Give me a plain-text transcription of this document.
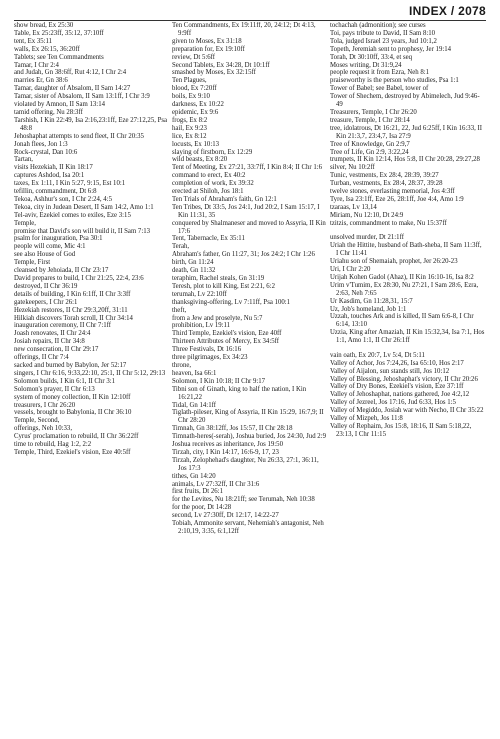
INDEX / 2078

show bread, Ex 25:30

Table, Ex 25:23ff, 35:12, 37:10ff

tent, Ex 35:11

walls, Ex 26:15, 36:20ff

Tablets; see Ten Commandments

Tamar, I Chr 2:4

and Judah, Gn 38:6ff, Rut 4:12, I Chr 2:4

marries Er, Gn 38:6

Tamar, daughter of Absalom, II Sam 14:27

Tamar, sister of Absalom, II Sam 13:1ff, I Chr 3:9

violated by Amnon, II Sam 13:14

tamid offering, Nu 28:3ff

Tarshish, I Kin 22:49, Isa 2:16,23:1ff, Eze 27:12,25, Psa 48:8

Jehoshaphat attempts to send fleet, II Chr 20:35

Jonah flees, Jon 1:3

Rock-crystal, Dan 10:6

Tartan,

visits Hezekiah, II Kin 18:17

captures Ashdod, Isa 20:1

taxes, Ex 1:11, I Kin 5:27, 9:15, Est 10:1

tefillin, commandment, Dt 6:8

Tekoa, Ashhur's son, I Chr 2:24, 4:5

Tekoa, city in Judean Desert, II Sam 14:2, Amo 1:1

Tel-aviv, Ezekiel comes to exiles, Eze 3:15

Temple,

promise that David's son will build it, II Sam 7:13

psalm for inauguration, Psa 30:1

people will come, Mic 4:1

see also House of God

Temple, First

cleansed by Jehoiada, II Chr 23:17

David prepares to build, I Chr 21:25, 22:4, 23:6

destroyed, II Chr 36:19

details of building, I Kin 6:1ff, II Chr 3:3ff

gatekeepers, I Chr 26:1

Hezekiah restores, II Chr 29:3,20ff, 31:11

Hilkiah discovers Torah scroll, II Chr 34:14

inauguration ceremony, II Chr 7:1ff

Joash renovates, II Chr 24:4

Josiah repairs, II Chr 34:8

new consecration, II Chr 29:17

offerings, II Chr 7:4

sacked and burned by Babylon, Jer 52:17

singers, I Chr 6:16, 9:33,22:10, 25:1, II Chr 5:12, 29:13

Solomon builds, I Kin 6:1, II Chr 3:1

Solomon's prayer, II Chr 6:13

system of money collection, II Kin 12:10ff

treasurers, I Chr 26:20

vessels, brought to Babylonia, II Chr 36:10

Temple, Second,

offerings, Neh 10:33,

Cyrus' proclamation to rebuild, II Chr 36:22ff

time to rebuild, Hag 1:2, 2:2

Temple, Third, Ezekiel's vision, Eze 40:5ff

Ten Commandments, Ex 19:11ff, 20, 24:12; Dt 4:13, 9:9ff

given to Moses, Ex 31:18

preparation for, Ex 19:10ff

review, Dt 5:6ff

Second Tablets, Ex 34:28, Dt 10:1ff

smashed by Moses, Ex 32:15ff

Ten Plagues,

blood, Ex 7:20ff

boils, Ex 9:10

darkness, Ex 10:22

epidemic, Ex 9:6

frogs, Ex 8:2

hail, Ex 9:23

lice, Ex 8:12

locusts, Ex 10:13

slaying of firstborn, Ex 12:29

wild beasts, Ex 8:20

Tent of Meeting, Ex 27:21, 33:7ff, I Kin 8:4; II Chr 1:6

command to erect, Ex 40:2

completion of work, Ex 39:32

erected at Shiloh, Jos 18:1

Ten Trials of Abraham's faith, Gn 12:1

Ten Tribes, Dt 33:5, Jos 24:1, Jud 20:2, I Sam 15:17, I Kin 11:31, 35

conquered by Shalmaneser and moved to Assyria, II Kin 17:6

Tent, Tabernacle, Ex 35:11

Terah,

Abraham's father, Gn 11:27, 31; Jos 24:2; I Chr 1:26

birth, Gn 11:24

death, Gn 11:32

teraphim, Rachel steals, Gn 31:19

Teresh, plot to kill King, Est 2:21, 6:2

terumah, Lv 22:10ff

thanksgiving-offering, Lv 7:11ff, Psa 100:1

theft,

from a Jew and proselyte, Nu 5:7

prohibition, Lv 19:11

Third Temple, Ezekiel's vision, Eze 40ff

Thirteen Attributes of Mercy, Ex 34:5ff

Three Festivals, Dt 16:16

three pilgrimages, Ex 34:23

throne,

heaven, Isa 66:1

Solomon, I Kin 10:18; II Chr 9:17

Tibni son of Ginath, king to half the nation, I Kin 16:21,22

Tidal, Gn 14:1ff

Tiglath-pileser, King of Assyria, II Kin 15:29, 16:7,9; II Chr 28:20

Timnah, Gn 38:12ff, Jos 15:57, II Chr 28:18

Timnath-heres(-serah), Joshua buried, Jos 24:30, Jud 2:9

Joshua receives as inheritance, Jos 19:50

Tirzah, city, I Kin 14:17, 16:6-9, 17, 23

Tirzah, Zelophehad's daughter, Nu 26:33, 27:1, 36:11, Jos 17:3

tithes, Gn 14:20

animals, Lv 27:32ff, II Chr 31:6

first fruits, Dt 26:1

for the Levites, Nu 18:21ff; see Terumah, Neh 10:38

for the poor, Dt 14:28

second, Lv 27:30ff, Dt 12:17, 14:22-27

Tobiah, Ammonite servant, Nehemiah's antagonist, Neh 2:10,19, 3:35, 6:1,12ff

tochachah (admonition); see curses

Toi, pays tribute to David, II Sam 8:10

Tola, judged Israel 23 years, Jud 10:1,2

Topeth, Jeremiah sent to prophesy, Jer 19:14

Torah, Dt 30:10ff, 33:4, et seq

Moses writing, Dt 31:9,24

people request it from Ezra, Neh 8:1

praiseworthy is the person who studies, Psa 1:1

Tower of Babel; see Babel, tower of

Tower of Shechem, destroyed by Abimelech, Jud 9:46-49

Treasurers, Temple, I Chr 26:20

treasure, Temple, I Chr 28:14

tree, idolatrous, Dt 16:21, 22, Jud 6:25ff, I Kin 16:33, II Kin 21:3,7, 23:4,7, Isa 27:9

Tree of Knowledge, Gn 2:9,7

Tree of Life, Gn 2:9, 3:22,24

trumpets, II Kin 12:14, Hos 5:8, II Chr 20:28, 29:27,28

silver, Nu 10:2ff

Tunic, vestments, Ex 28:4, 28:39, 39:27

Turban, vestments, Ex 28:4, 28:37, 39:28

twelve stones, everlasting memorial, Jos 4:3ff

Tyre, Isa 23:1ff, Eze 26, 28:1ff, Joe 4:4, Amo 1:9

tzaraas, Lv 13,14

Miriam, Nu 12:10, Dt 24:9

tzitzis, commandment to make, Nu 15:37ff

unsolved murder, Dt 21:1ff

Uriah the Hittite, husband of Bath-sheba, II Sam 11:3ff, I Chr 11:41

Uriahu son of Shemaiah, prophet, Jer 26:20-23

Uri, I Chr 2:20

Urijah Kohen Gadol (Ahaz), II Kin 16:10-16, Isa 8:2

Urim v'Tumim, Ex 28:30, Nu 27:21, I Sam 28:6, Ezra, 2:63, Neh 7:65

Ur Kasdim, Gn 11:28,31, 15:7

Uz, Job's homeland, Job 1:1

Uzzah, touches Ark and is killed, II Sam 6:6-8, I Chr 6:14, 13:10

Uzzia, King after Amaziah, II Kin 15:32,34, Isa 7:1, Hos 1:1, Amo 1:1, II Chr 26:1ff

vain oath, Ex 20:7, Lv 5:4, Dt 5:11

Valley of Achor, Jos 7:24,26, Isa 65:10, Hos 2:17

Valley of Aijalon, sun stands still, Jos 10:12

Valley of Blessing, Jehoshaphat's victory, II Chr 20:26

Valley of Dry Bones, Ezekiel's vision, Eze 37:1ff

Valley of Jehoshaphat, nations gathered, Joe 4:2,12

Valley of Jezreel, Jos 17:16, Jud 6:33, Hos 1:5

Valley of Megiddo, Josiah war with Necho, II Chr 35:22

Valley of Mizpeh, Jos 11:8

Valley of Rephaim, Jos 15:8, 18:16, II Sam 5:18,22, 23:13, I Chr 11:15
